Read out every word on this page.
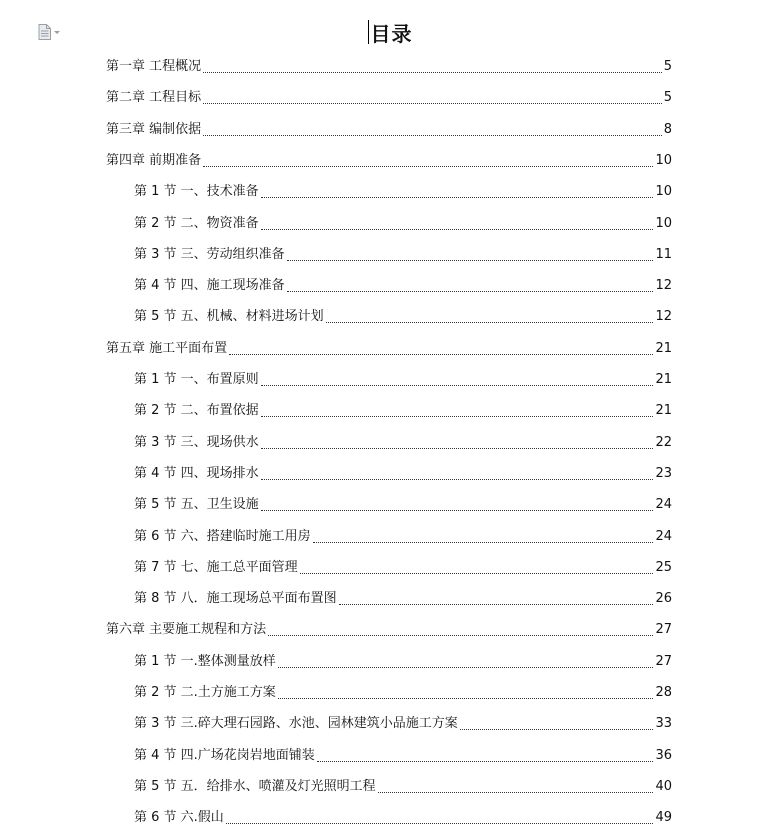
目录
第一章 工程概况	5
第二章 工程目标	5
第三章 编制依据	8
第四章 前期准备	10
第 1 节 一、技术准备	10
第 2 节 二、物资准备	10
第 3 节 三、劳动组织准备	11
第 4 节 四、施工现场准备	12
第 5 节 五、机械、材料进场计划	12
第五章 施工平面布置	21
第 1 节 一、布置原则	21
第 2 节 二、布置依据	21
第 3 节 三、现场供水	22
第 4 节 四、现场排水	23
第 5 节 五、卫生设施	24
第 6 节 六、搭建临时施工用房	24
第 7 节 七、施工总平面管理	25
第 8 节 八．施工现场总平面布置图	26
第六章 主要施工规程和方法	27
第 1 节 一.整体测量放样	27
第 2 节 二.土方施工方案	28
第 3 节 三.碎大理石园路、水池、园林建筑小品施工方案	33
第 4 节 四.广场花岗岩地面铺装	36
第 5 节 五．给排水、喷灌及灯光照明工程	40
第 6 节 六.假山	49
